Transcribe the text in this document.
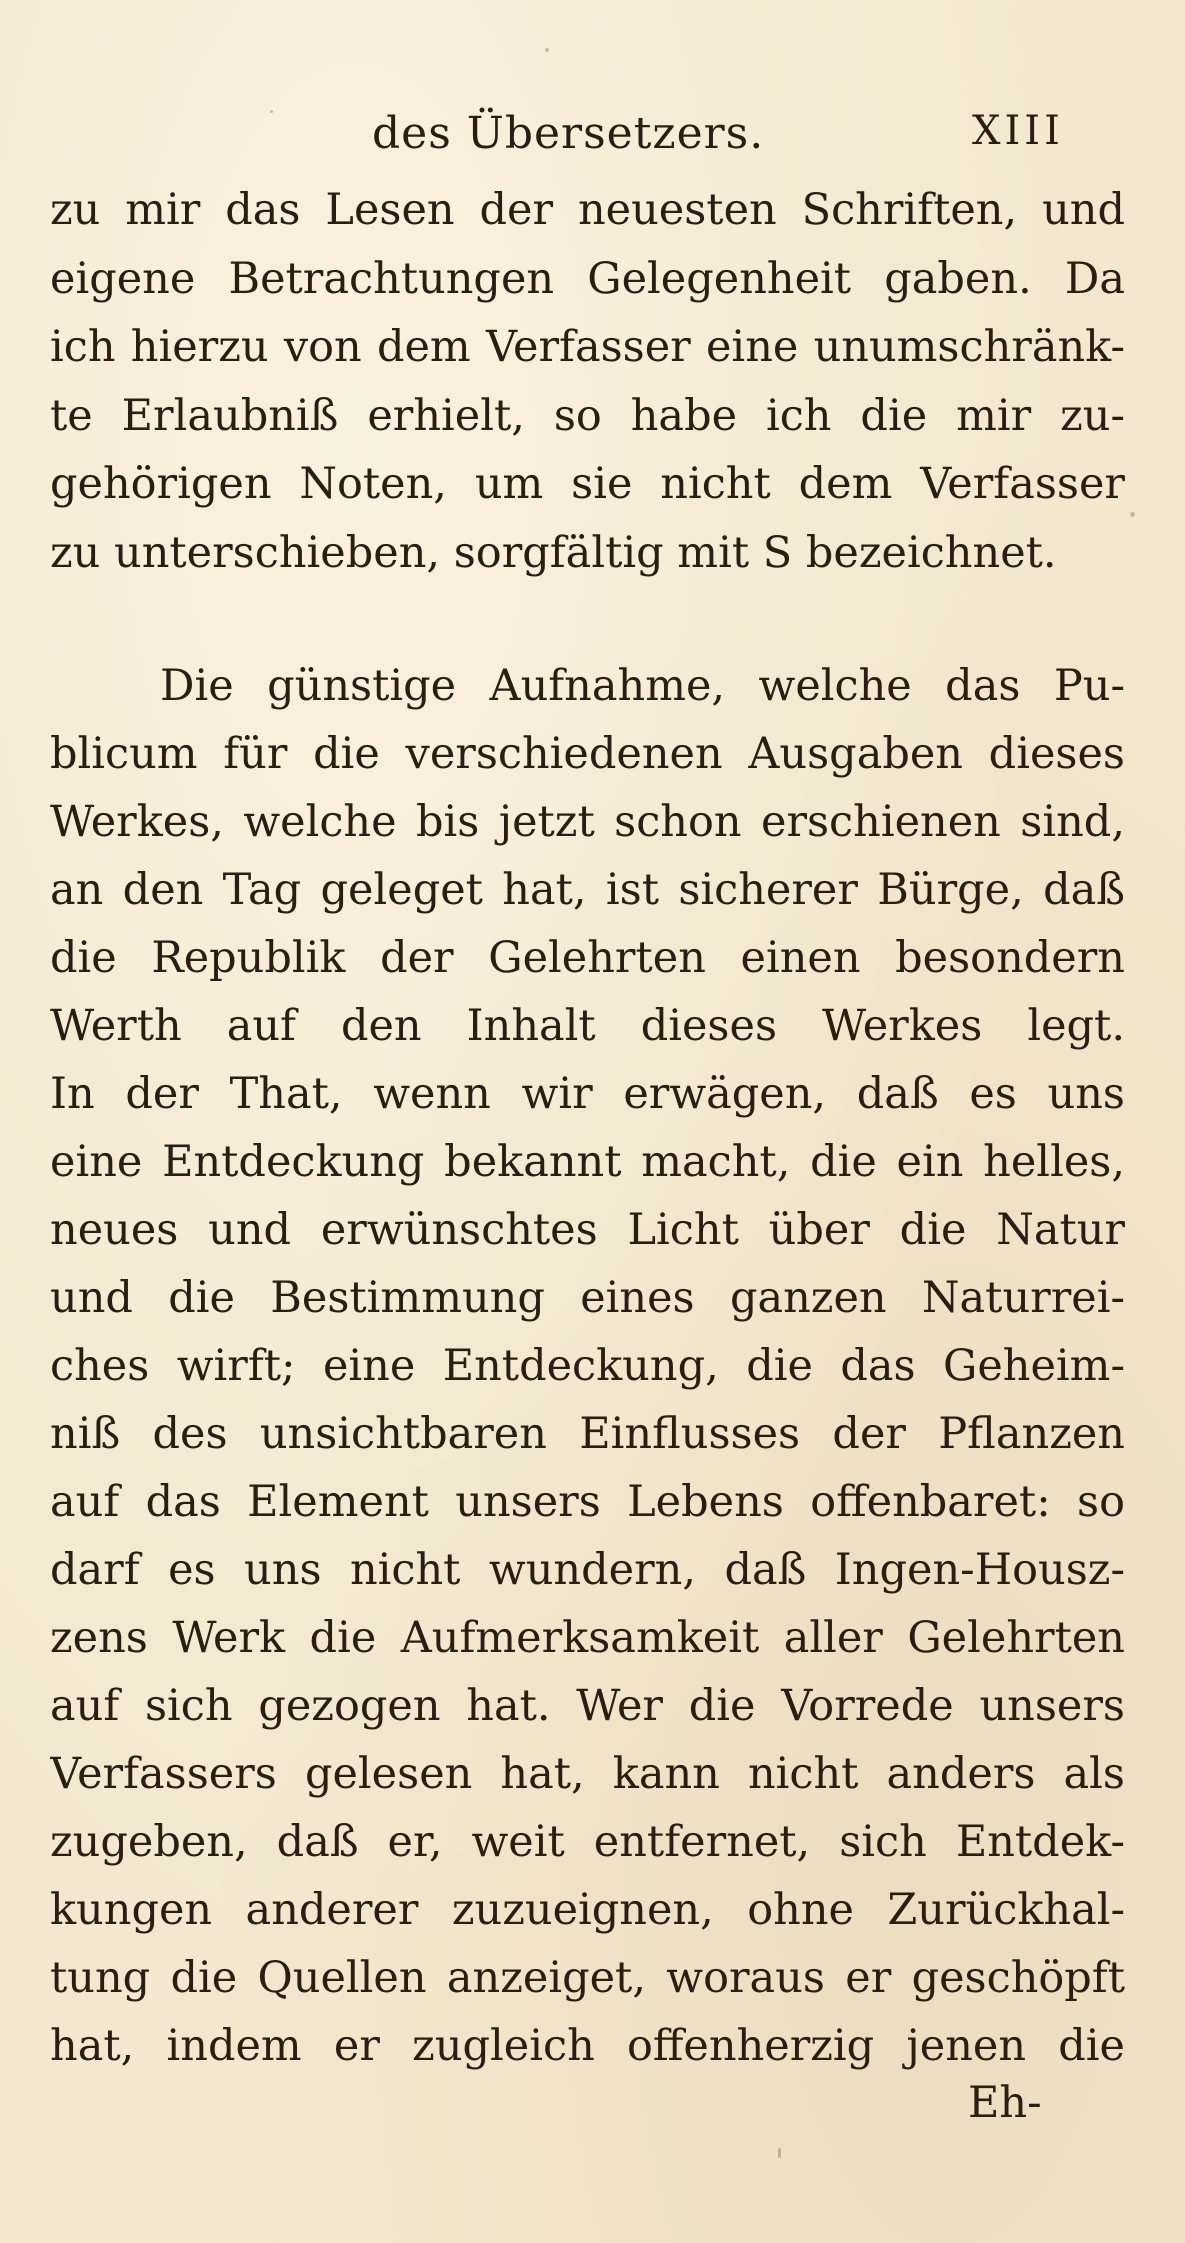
des Übersetzers.	XIII
zu mir das Lesen der neuesten Schriften, und
eigene Betrachtungen Gelegenheit gaben. Da
ich hierzu von dem Verfasser eine unumschränk-
te Erlaubniß erhielt, so habe ich die mir zu-
gehörigen Noten, um sie nicht dem Verfasser
zu unterschieben, sorgfältig mit S bezeichnet.
Die günstige Aufnahme, welche das Pu-
blicum für die verschiedenen Ausgaben dieses
Werkes, welche bis jetzt schon erschienen sind,
an den Tag geleget hat, ist sicherer Bürge, daß
die Republik der Gelehrten einen besondern
Werth auf den Inhalt dieses Werkes legt.
In der That, wenn wir erwägen, daß es uns
eine Entdeckung bekannt macht, die ein helles,
neues und erwünschtes Licht über die Natur
und die Bestimmung eines ganzen Naturrei-
ches wirft; eine Entdeckung, die das Geheim-
niß des unsichtbaren Einflusses der Pflanzen
auf das Element unsers Lebens offenbaret: so
darf es uns nicht wundern, daß Ingen-Housz-
zens Werk die Aufmerksamkeit aller Gelehrten
auf sich gezogen hat. Wer die Vorrede unsers
Verfassers gelesen hat, kann nicht anders als
zugeben, daß er, weit entfernet, sich Entdek-
kungen anderer zuzueignen, ohne Zurückhal-
tung die Quellen anzeiget, woraus er geschöpft
hat, indem er zugleich offenherzig jenen die
Eh-
